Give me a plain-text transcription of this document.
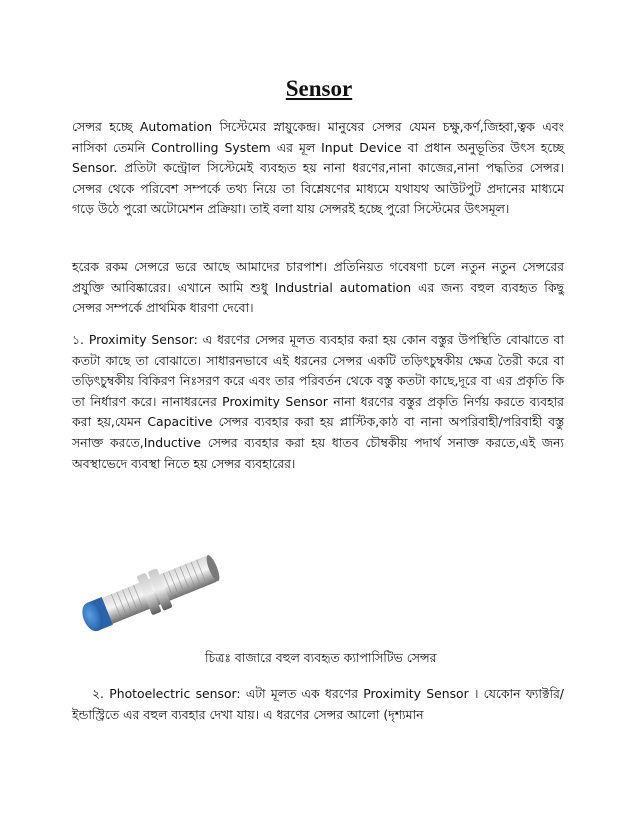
Sensor

সেন্সর হচ্ছে Automation সিস্টেমের স্নায়ুকেন্দ্র। মানুষের সেন্সর যেমন চক্ষু,কর্ণ,জিহ্বা,ত্বক এবং নাসিকা তেমনি Controlling System এর মূল Input Device বা প্রধান অনুভূতির উৎস হচ্ছে Sensor. প্রতিটা কন্ট্রোল সিস্টেমেই ব্যবহৃত হয় নানা ধরণের,নানা কাজের,নানা পদ্ধতির সেন্সর। সেন্সর থেকে পরিবেশ সম্পর্কে তথ্য নিয়ে তা বিশ্লেষণের মাধ্যমে যথাযথ আউটপুট প্রদানের মাধ্যমে গড়ে উঠে পুরো অটোমেশন প্রক্রিয়া। তাই বলা যায় সেন্সরই হচ্ছে পুরো সিস্টেমের উৎসমূল।

হরেক রকম সেন্সরে ভরে আছে আমাদের চারপাশ। প্রতিনিয়ত গবেষণা চলে নতুন নতুন সেন্সরের প্রযুক্তি আবিষ্কারের। এখানে আমি শুধু Industrial automation এর জন্য বহুল ব্যবহৃত কিছু সেন্সর সম্পর্কে প্রাথমিক ধারণা দেবো।

১. Proximity Sensor: এ ধরণের সেন্সর মূলত ব্যবহার করা হয় কোন বস্তুর উপস্থিতি বোঝাতে বা কতটা কাছে তা বোঝাতে। সাধারনভাবে এই ধরনের সেন্সর একটি তড়িৎচুম্বকীয় ক্ষেত্র তৈরী করে বা তড়িৎচুম্বকীয় বিকিরণ নিঃসরণ করে এবং তার পরিবর্তন থেকে বস্তু কতটা কাছে,দূরে বা এর প্রকৃতি কি তা নির্ধারণ করে। নানাধরনের Proximity Sensor নানা ধরণের বস্তুর প্রকৃতি নির্ণয় করতে ব্যবহার করা হয়,যেমন Capacitive সেন্সর ব্যবহার করা হয় প্লাস্টিক,কাঠ বা নানা অপরিবাহী/পরিবাহী বস্তু সনাক্ত করতে,Inductive সেন্সর ব্যবহার করা হয় ধাতব চৌম্বকীয় পদার্থ সনাক্ত করতে,এই জন্য অবস্থাভেদে ব্যবস্থা নিতে হয় সেন্সর ব্যবহারের।

চিত্রঃ বাজারে বহুল ব্যবহৃত ক্যাপাসিটিভ সেন্সর

২. Photoelectric sensor: এটা মূলত এক ধরণের Proximity Sensor । যেকোন ফ্যাক্টরি/ইন্ডাস্ট্রিতে এর বহুল ব্যবহার দেখা যায়। এ ধরণের সেন্সর আলো (দৃশ্যমান
